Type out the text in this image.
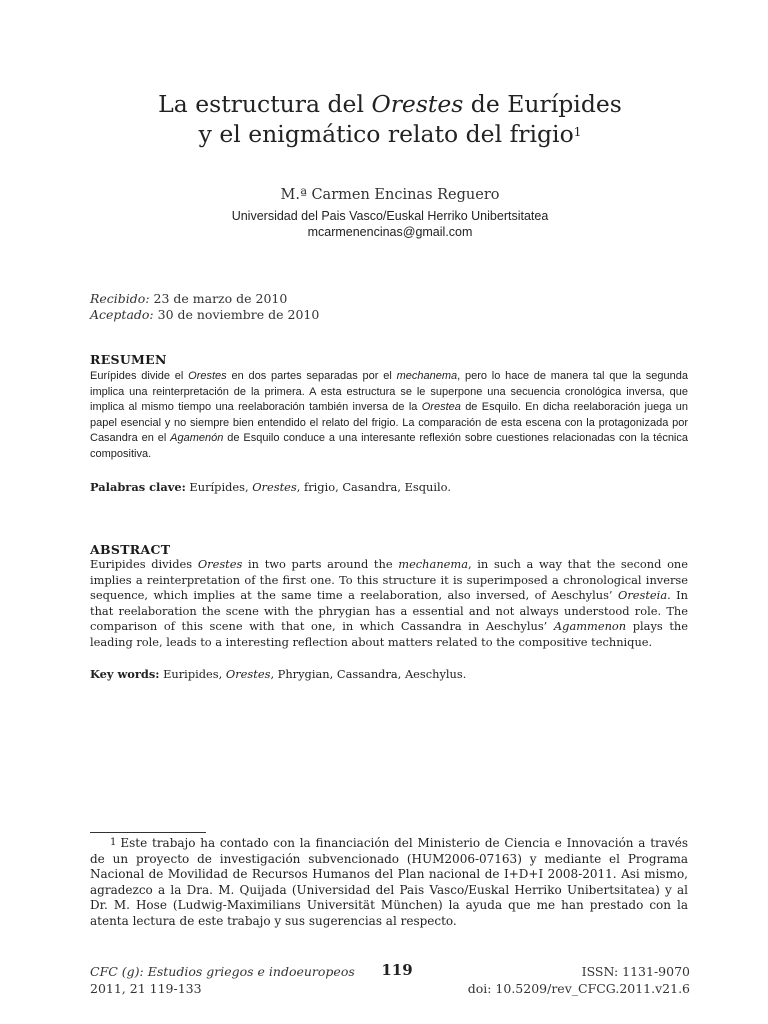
La estructura del Orestes de Eurípides
y el enigmático relato del frigio$^1$
M.ª Carmen Encinas Reguero
Universidad del Pais Vasco/Euskal Herriko Unibertsitatea
mcarmenencinas@gmail.com
Recibido: 23 de marzo de 2010
Aceptado: 30 de noviembre de 2010
RESUMEN

Eurípides divide el Orestes en dos partes separadas por el mechanema, pero lo hace de manera tal que la segunda implica una reinterpretación de la primera. A esta estructura se le superpone una secuencia cronológica inversa, que implica al mismo tiempo una reelaboración también inversa de la Orestea de Esquilo. En dicha reelaboración juega un papel esencial y no siempre bien entendido el relato del frigio. La comparación de esta escena con la protagonizada por Casandra en el Agamenón de Esquilo conduce a una interesante reflexión sobre cuestiones relacionadas con la técnica compositiva.

Palabras clave: Eurípides, Orestes, frigio, Casandra, Esquilo.
ABSTRACT

Euripides divides Orestes in two parts around the mechanema, in such a way that the second one implies a reinterpretation of the first one. To this structure it is superimposed a chronological inverse sequence, which implies at the same time a reelaboration, also inversed, of Aeschylus’ Oresteia. In that reelaboration the scene with the phrygian has a essential and not always understood role. The comparison of this scene with that one, in which Cassandra in Aeschylus’ Agammenon plays the leading role, leads to a interesting reflection about matters related to the compositive technique.

Key words: Euripides, Orestes, Phrygian, Cassandra, Aeschylus.

$^1$ Este trabajo ha contado con la financiación del Ministerio de Ciencia e Innovación a través de un proyecto de investigación subvencionado (HUM2006-07163) y mediante el Programa Nacional de Movilidad de Recursos Humanos del Plan nacional de I+D+I 2008-2011. Asi mismo, agradezco a la Dra. M. Quijada (Universidad del Pais Vasco/Euskal Herriko Unibertsitatea) y al Dr. M. Hose (Ludwig-Maximilians Universität München) la ayuda que me han prestado con la atenta lectura de este trabajo y sus sugerencias al respecto.

CFC (g): Estudios griegos e indoeuropeos
2011, 21 119-133
119	ISSN: 1131-9070
doi: 10.5209/rev_CFCG.2011.v21.6
